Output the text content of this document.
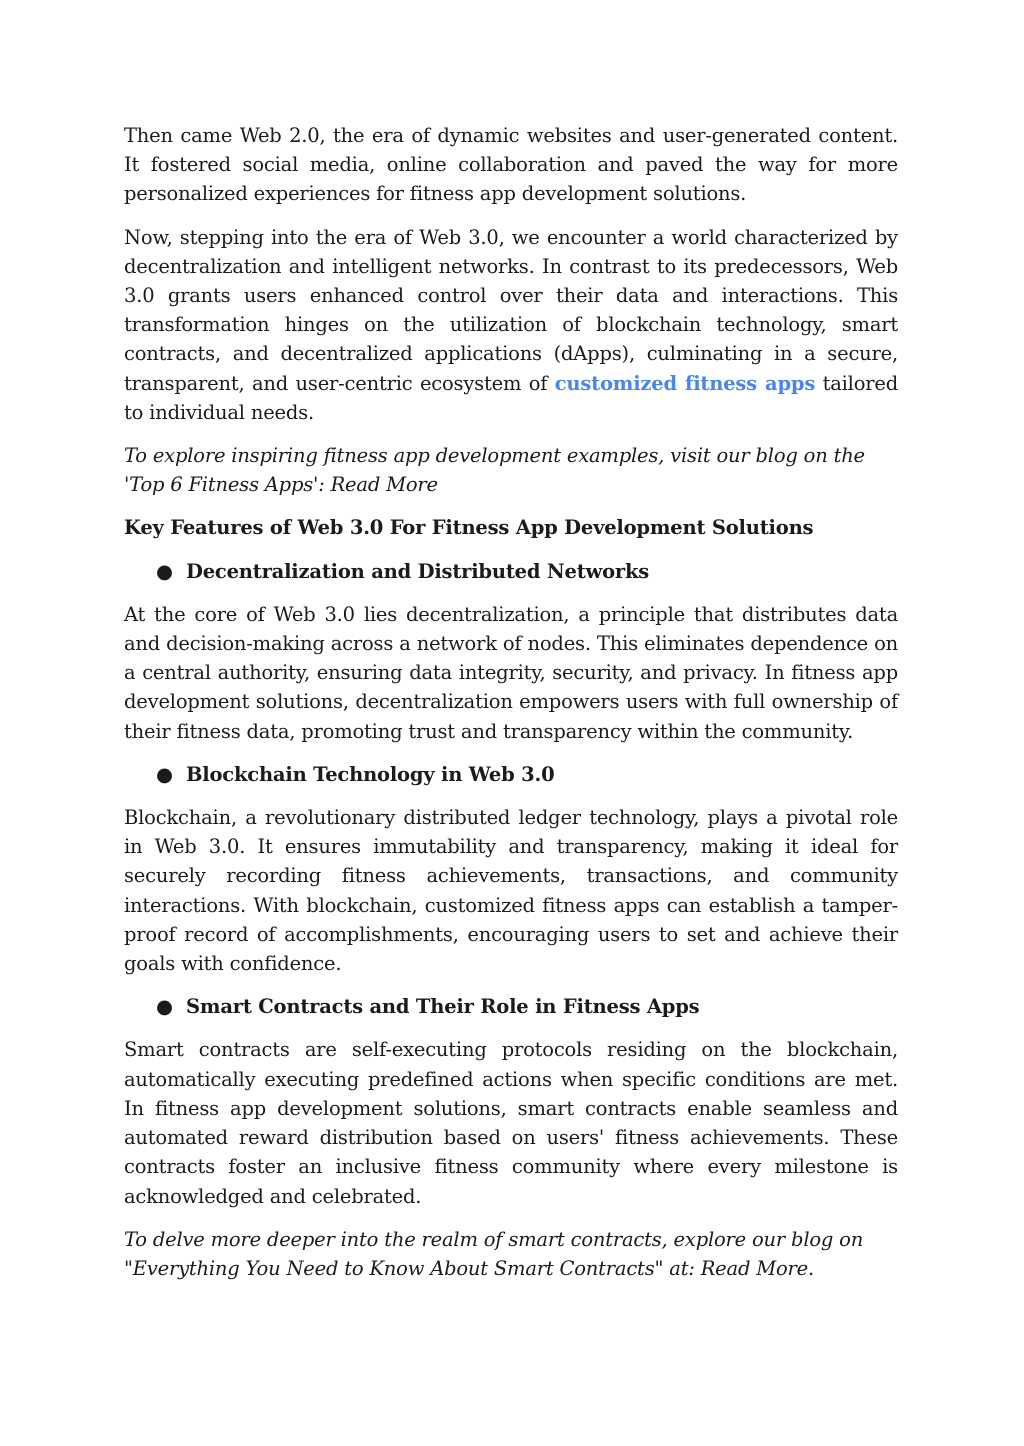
Then came Web 2.0, the era of dynamic websites and user-generated content. It fostered social media, online collaboration and paved the way for more personalized experiences for fitness app development solutions.

Now, stepping into the era of Web 3.0, we encounter a world characterized by decentralization and intelligent networks. In contrast to its predecessors, Web 3.0 grants users enhanced control over their data and interactions. This transformation hinges on the utilization of blockchain technology, smart contracts, and decentralized applications (dApps), culminating in a secure, transparent, and user-centric ecosystem of customized fitness apps tailored to individual needs.

To explore inspiring fitness app development examples, visit our blog on the 'Top 6 Fitness Apps': Read More

Key Features of Web 3.0 For Fitness App Development Solutions

● Decentralization and Distributed Networks

At the core of Web 3.0 lies decentralization, a principle that distributes data and decision-making across a network of nodes. This eliminates dependence on a central authority, ensuring data integrity, security, and privacy. In fitness app development solutions, decentralization empowers users with full ownership of their fitness data, promoting trust and transparency within the community.

● Blockchain Technology in Web 3.0

Blockchain, a revolutionary distributed ledger technology, plays a pivotal role in Web 3.0. It ensures immutability and transparency, making it ideal for securely recording fitness achievements, transactions, and community interactions. With blockchain, customized fitness apps can establish a tamper-proof record of accomplishments, encouraging users to set and achieve their goals with confidence.

● Smart Contracts and Their Role in Fitness Apps

Smart contracts are self-executing protocols residing on the blockchain, automatically executing predefined actions when specific conditions are met. In fitness app development solutions, smart contracts enable seamless and automated reward distribution based on users' fitness achievements. These contracts foster an inclusive fitness community where every milestone is acknowledged and celebrated.

To delve more deeper into the realm of smart contracts, explore our blog on "Everything You Need to Know About Smart Contracts" at: Read More.
